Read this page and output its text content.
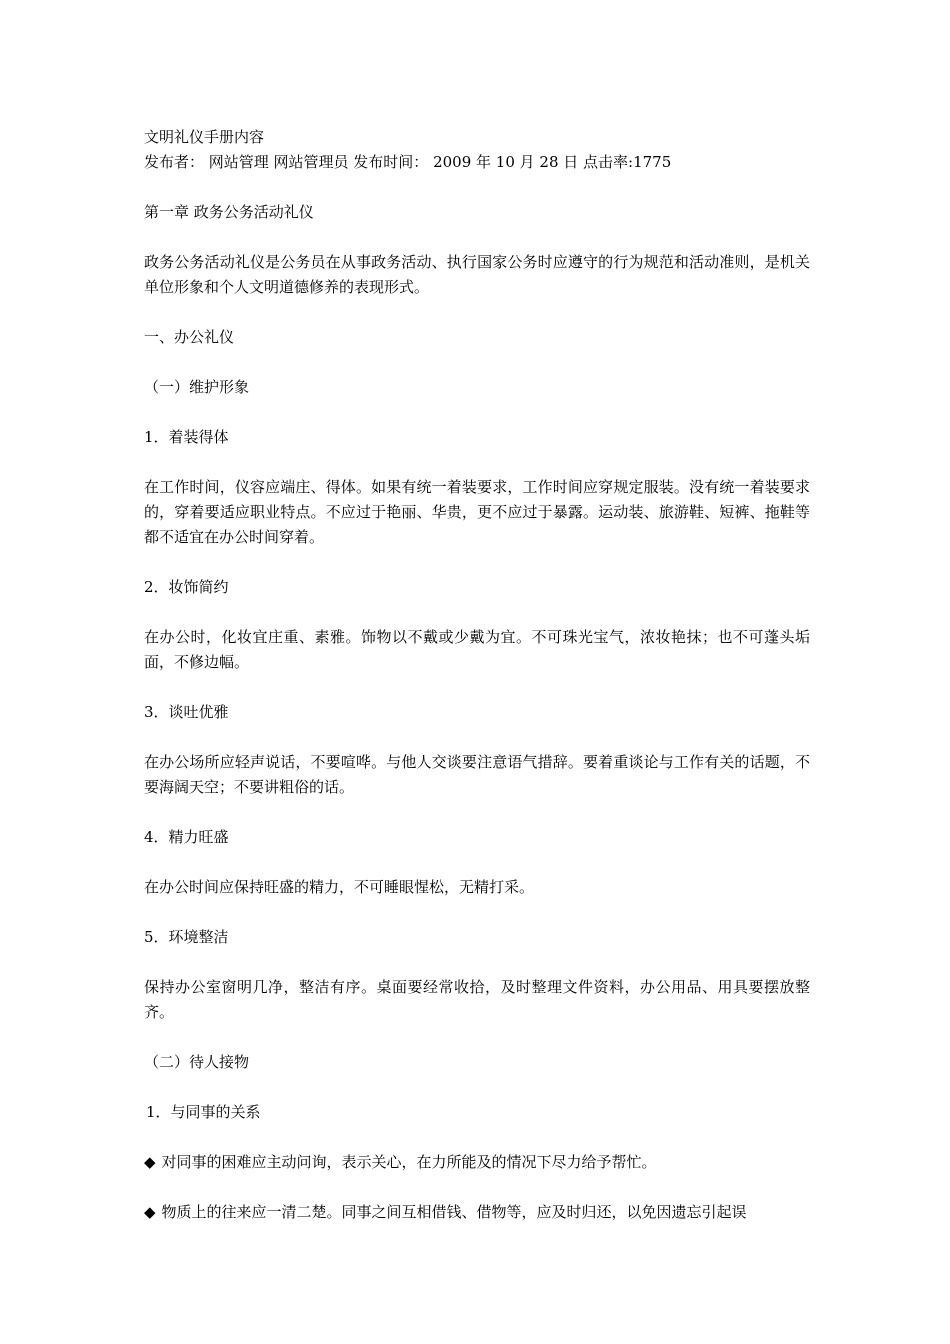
文明礼仪手册内容

发布者： 网站管理 网站管理员 发布时间： 2009 年 10 月 28 日 点击率:1775

第一章 政务公务活动礼仪

政务公务活动礼仪是公务员在从事政务活动、执行国家公务时应遵守的行为规范和活动准则，是机关单位形象和个人文明道德修养的表现形式。

一、办公礼仪

（一）维护形象

1．着装得体

在工作时间，仪容应端庄、得体。如果有统一着装要求，工作时间应穿规定服装。没有统一着装要求的，穿着要适应职业特点。不应过于艳丽、华贵，更不应过于暴露。运动装、旅游鞋、短裤、拖鞋等都不适宜在办公时间穿着。

2．妆饰简约

在办公时，化妆宜庄重、素雅。饰物以不戴或少戴为宜。不可珠光宝气，浓妆艳抹；也不可蓬头垢面，不修边幅。

3．谈吐优雅

在办公场所应轻声说话，不要喧哗。与他人交谈要注意语气措辞。要着重谈论与工作有关的话题，不要海阔天空；不要讲粗俗的话。

4．精力旺盛

在办公时间应保持旺盛的精力，不可睡眼惺松，无精打采。

5．环境整洁

保持办公室窗明几净，整洁有序。桌面要经常收拾，及时整理文件资料，办公用品、用具要摆放整齐。

（二）待人接物

1．与同事的关系

◆ 对同事的困难应主动问询，表示关心，在力所能及的情况下尽力给予帮忙。

◆ 物质上的往来应一清二楚。同事之间互相借钱、借物等，应及时归还，以免因遗忘引起误
